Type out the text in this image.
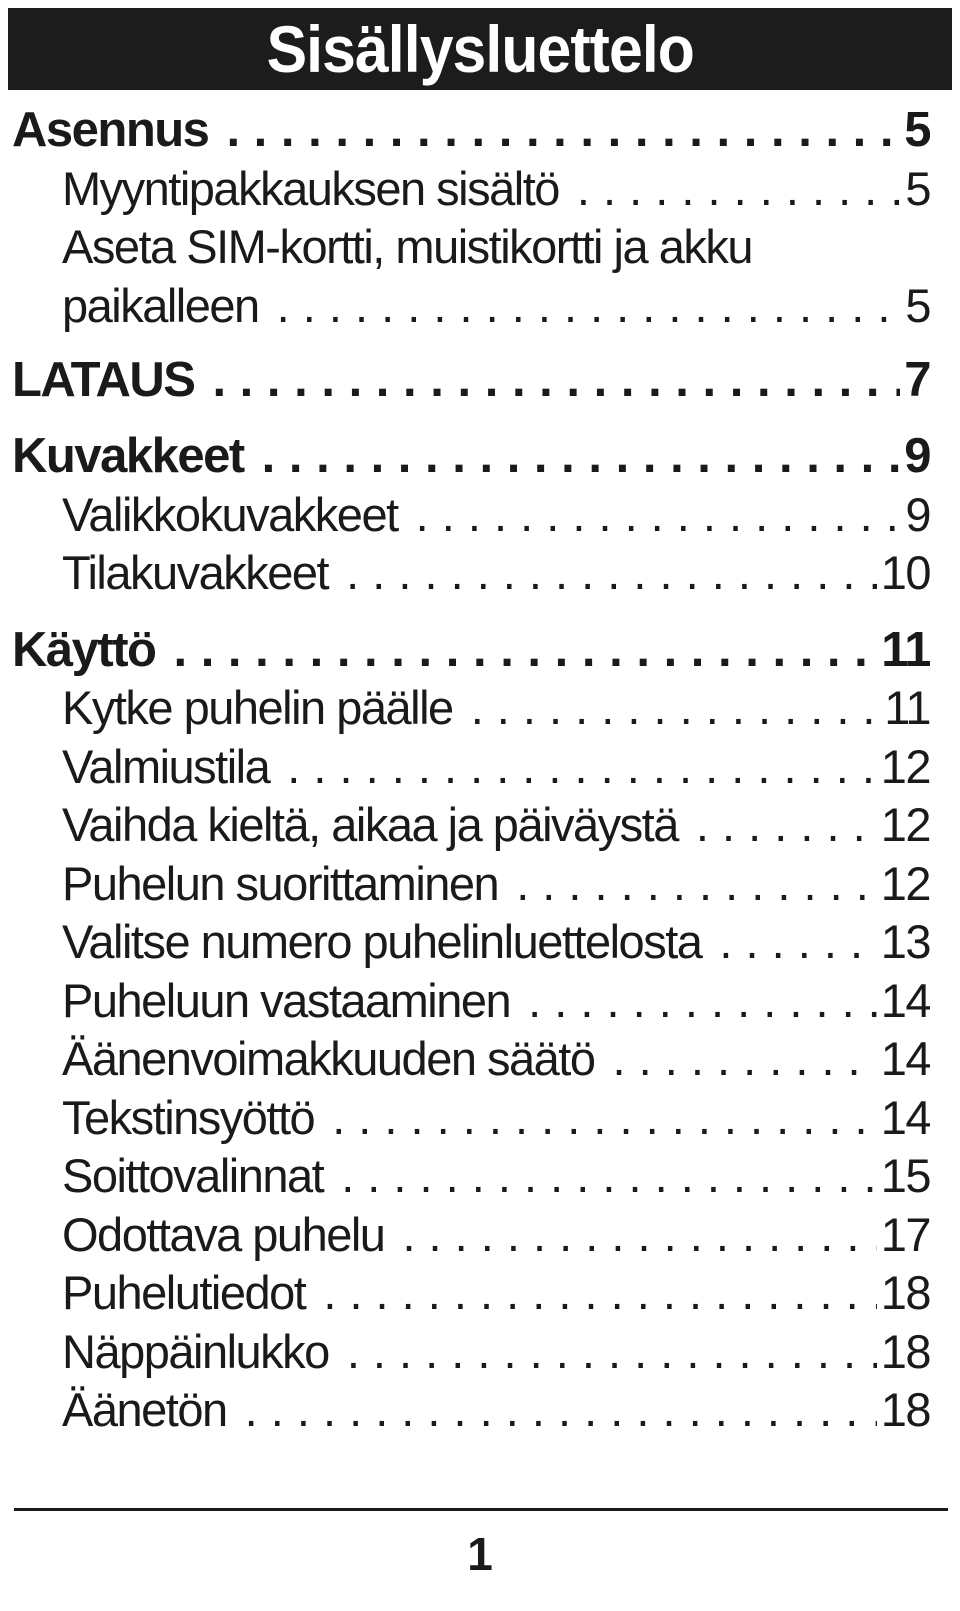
Sisällysluettelo
Asennus . . .	5
Myyntipakkauksen sisältö . . .	5
Aseta SIM-kortti, muistikortti ja akku
paikalleen . . .	5
LATAUS . . .	7
Kuvakkeet . . .	9
Valikkokuvakkeet . . .	9
Tilakuvakkeet . . .	10
Käyttö . . .	11
Kytke puhelin päälle . . .	11
Valmiustila . . .	12
Vaihda kieltä, aikaa ja päiväystä . . .	12
Puhelun suorittaminen . . .	12
Valitse numero puhelinluettelosta . . .	13
Puheluun vastaaminen . . .	14
Äänenvoimakkuuden säätö . . .	14
Tekstinsyöttö . . .	14
Soittovalinnat . . .	15
Odottava puhelu . . .	17
Puhelutiedot . . .	18
Näppäinlukko . . .	18
Äänetön . . .	18
1
